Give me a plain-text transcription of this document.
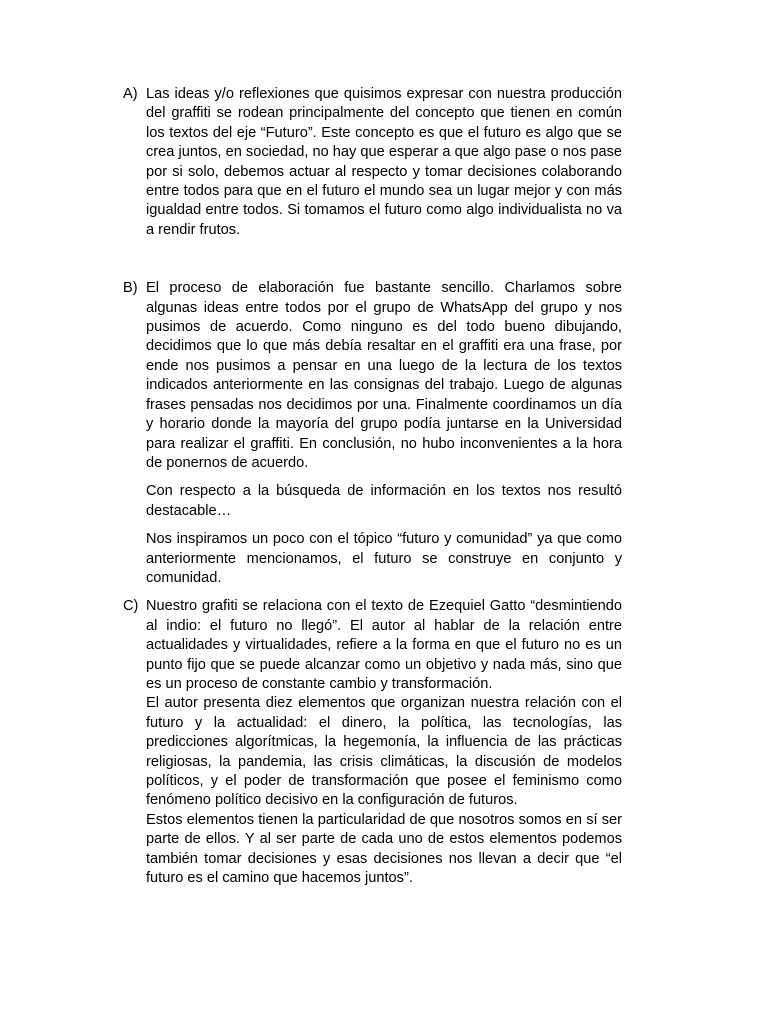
A) Las ideas y/o reflexiones que quisimos expresar con nuestra producción del graffiti se rodean principalmente del concepto que tienen en común los textos del eje “Futuro”. Este concepto es que el futuro es algo que se crea juntos, en sociedad, no hay que esperar a que algo pase o nos pase por si solo, debemos actuar al respecto y tomar decisiones colaborando entre todos para que en el futuro el mundo sea un lugar mejor y con más igualdad entre todos. Si tomamos el futuro como algo individualista no va a rendir frutos.

B) El proceso de elaboración fue bastante sencillo. Charlamos sobre algunas ideas entre todos por el grupo de WhatsApp del grupo y nos pusimos de acuerdo. Como ninguno es del todo bueno dibujando, decidimos que lo que más debía resaltar en el graffiti era una frase, por ende nos pusimos a pensar en una luego de la lectura de los textos indicados anteriormente en las consignas del trabajo. Luego de algunas frases pensadas nos decidimos por una. Finalmente coordinamos un día y horario donde la mayoría del grupo podía juntarse en la Universidad para realizar el graffiti. En conclusión, no hubo inconvenientes a la hora de ponernos de acuerdo.

Con respecto a la búsqueda de información en los textos nos resultó destacable…

Nos inspiramos un poco con el tópico “futuro y comunidad” ya que como anteriormente mencionamos, el futuro se construye en conjunto y comunidad.

C) Nuestro grafiti se relaciona con el texto de Ezequiel Gatto “desmintiendo al indio: el futuro no llegó”. El autor al hablar de la relación entre actualidades y virtualidades, refiere a la forma en que el futuro no es un punto fijo que se puede alcanzar como un objetivo y nada más, sino que es un proceso de constante cambio y transformación.

El autor presenta diez elementos que organizan nuestra relación con el futuro y la actualidad: el dinero, la política, las tecnologías, las predicciones algorítmicas, la hegemonía, la influencia de las prácticas religiosas, la pandemia, las crisis climáticas, la discusión de modelos políticos, y el poder de transformación que posee el feminismo como fenómeno político decisivo en la configuración de futuros.

Estos elementos tienen la particularidad de que nosotros somos en sí ser parte de ellos. Y al ser parte de cada uno de estos elementos podemos también tomar decisiones y esas decisiones nos llevan a decir que “el futuro es el camino que hacemos juntos”.
